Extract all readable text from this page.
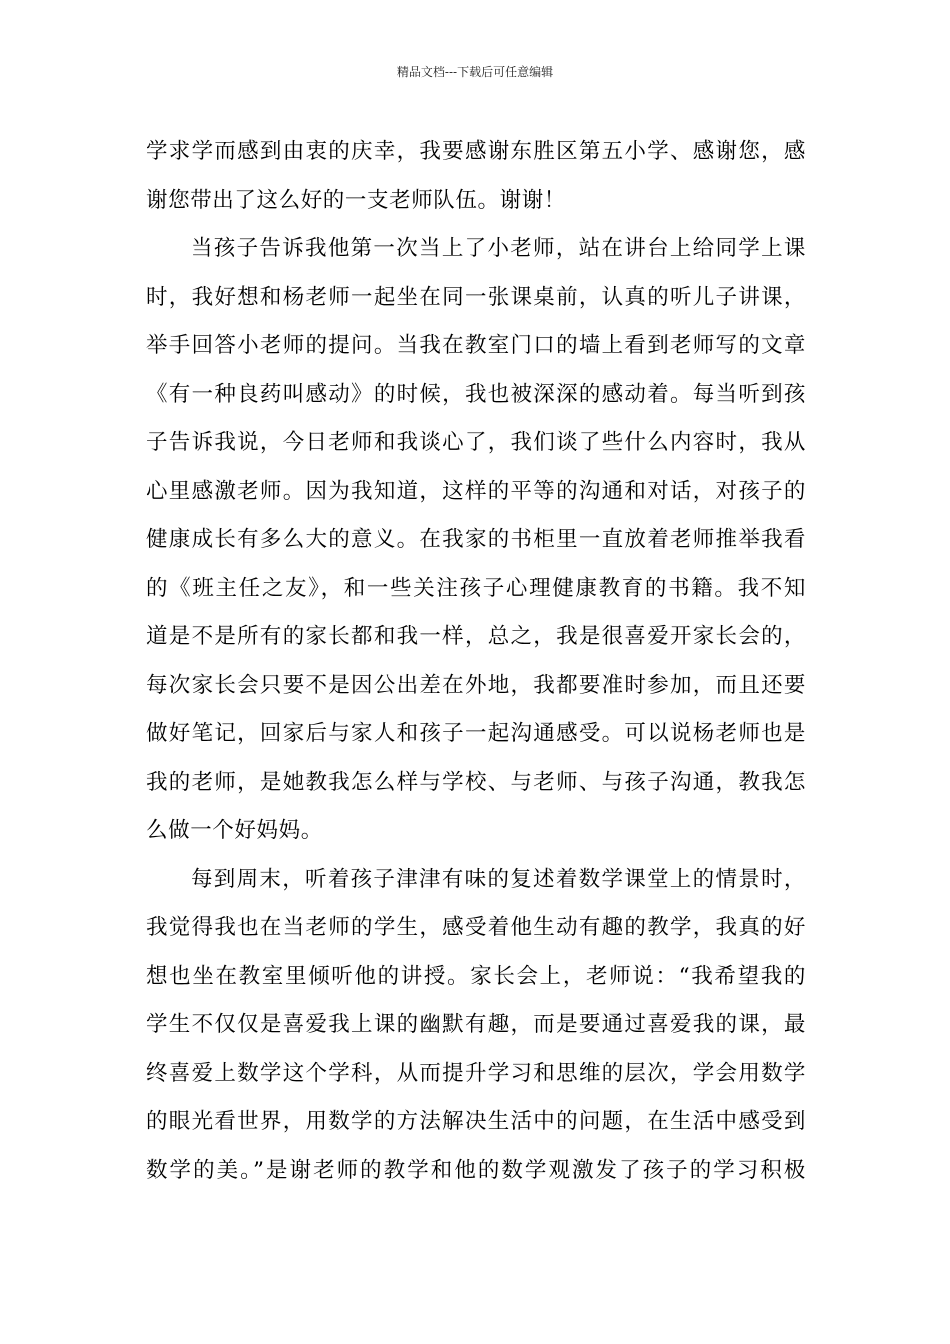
精品文档---下载后可任意编辑
学求学而感到由衷的庆幸，我要感谢东胜区第五小学、感谢您，感
谢您带出了这么好的一支老师队伍。谢谢！
当孩子告诉我他第一次当上了小老师，站在讲台上给同学上课
时，我好想和杨老师一起坐在同一张课桌前，认真的听儿子讲课，
举手回答小老师的提问。当我在教室门口的墙上看到老师写的文章
《有一种良药叫感动》的时候，我也被深深的感动着。每当听到孩
子告诉我说，今日老师和我谈心了，我们谈了些什么内容时，我从
心里感激老师。因为我知道，这样的平等的沟通和对话，对孩子的
健康成长有多么大的意义。在我家的书柜里一直放着老师推举我看
的《班主任之友》，和一些关注孩子心理健康教育的书籍。我不知
道是不是所有的家长都和我一样，总之，我是很喜爱开家长会的，
每次家长会只要不是因公出差在外地，我都要准时参加，而且还要
做好笔记，回家后与家人和孩子一起沟通感受。可以说杨老师也是
我的老师，是她教我怎么样与学校、与老师、与孩子沟通，教我怎
么做一个好妈妈。
每到周末，听着孩子津津有味的复述着数学课堂上的情景时，
我觉得我也在当老师的学生，感受着他生动有趣的教学，我真的好
想也坐在教室里倾听他的讲授。家长会上，老师说：“我希望我的
学生不仅仅是喜爱我上课的幽默有趣，而是要通过喜爱我的课，最
终喜爱上数学这个学科，从而提升学习和思维的层次，学会用数学
的眼光看世界，用数学的方法解决生活中的问题，在生活中感受到
数学的美。”是谢老师的教学和他的数学观激发了孩子的学习积极
